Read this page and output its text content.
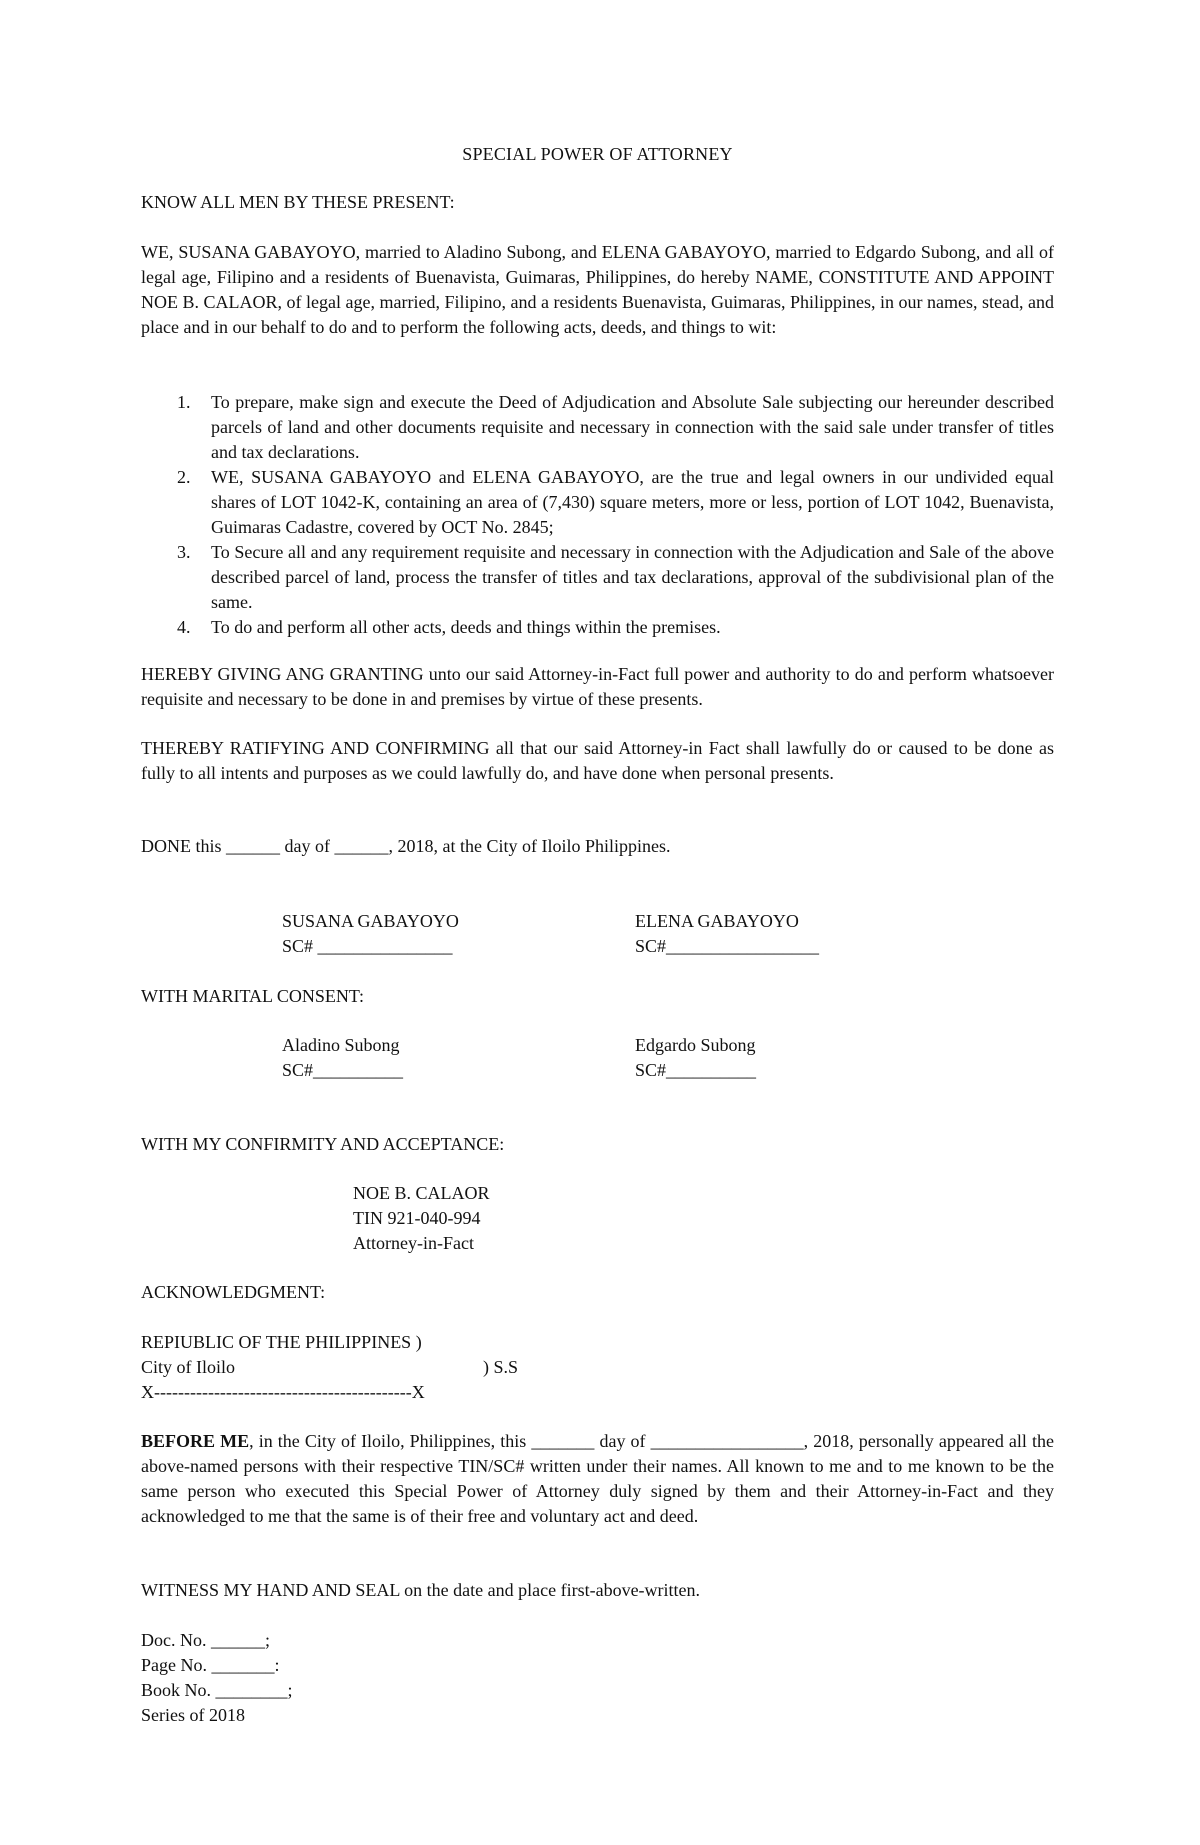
SPECIAL POWER OF ATTORNEY
KNOW ALL MEN BY THESE PRESENT:
WE, SUSANA GABAYOYO, married to Aladino Subong, and ELENA GABAYOYO, married to Edgardo Subong, and all of legal age, Filipino and a residents of Buenavista, Guimaras, Philippines, do hereby NAME, CONSTITUTE AND APPOINT NOE B. CALAOR, of legal age, married, Filipino, and a residents Buenavista, Guimaras, Philippines, in our names, stead, and place and in our behalf to do and to perform the following acts, deeds, and things to wit:
1. To prepare, make sign and execute the Deed of Adjudication and Absolute Sale subjecting our hereunder described parcels of land and other documents requisite and necessary in connection with the said sale under transfer of titles and tax declarations.
2. WE, SUSANA GABAYOYO and ELENA GABAYOYO, are the true and legal owners in our undivided equal shares of LOT 1042-K, containing an area of (7,430) square meters, more or less, portion of LOT 1042, Buenavista, Guimaras Cadastre, covered by OCT No. 2845;
3. To Secure all and any requirement requisite and necessary in connection with the Adjudication and Sale of the above described parcel of land, process the transfer of titles and tax declarations, approval of the subdivisional plan of the same.
4. To do and perform all other acts, deeds and things within the premises.
HEREBY GIVING ANG GRANTING unto our said Attorney-in-Fact full power and authority to do and perform whatsoever requisite and necessary to be done in and premises by virtue of these presents.
THEREBY RATIFYING AND CONFIRMING all that our said Attorney-in Fact shall lawfully do or caused to be done as fully to all intents and purposes as we could lawfully do, and have done when personal presents.
DONE this ______ day of ______, 2018, at the City of Iloilo Philippines.
SUSANA GABAYOYO
SC# _______________
ELENA GABAYOYO
SC#_________________
WITH MARITAL CONSENT:
Aladino Subong
SC#__________
Edgardo Subong
SC#__________
WITH MY CONFIRMITY AND ACCEPTANCE:
NOE B. CALAOR
TIN 921-040-994
Attorney-in-Fact
ACKNOWLEDGMENT:
REPIUBLIC OF THE PHILIPPINES )
City of Iloilo	) S.S
X-------------------------------------------X
BEFORE ME, in the City of Iloilo, Philippines, this _______ day of _________________, 2018, personally appeared all the above-named persons with their respective TIN/SC# written under their names. All known to me and to me known to be the same person who executed this Special Power of Attorney duly signed by them and their Attorney-in-Fact and they acknowledged to me that the same is of their free and voluntary act and deed.
WITNESS MY HAND AND SEAL on the date and place first-above-written.
Doc. No. ______;
Page No. _______:
Book No. ________;
Series of 2018
